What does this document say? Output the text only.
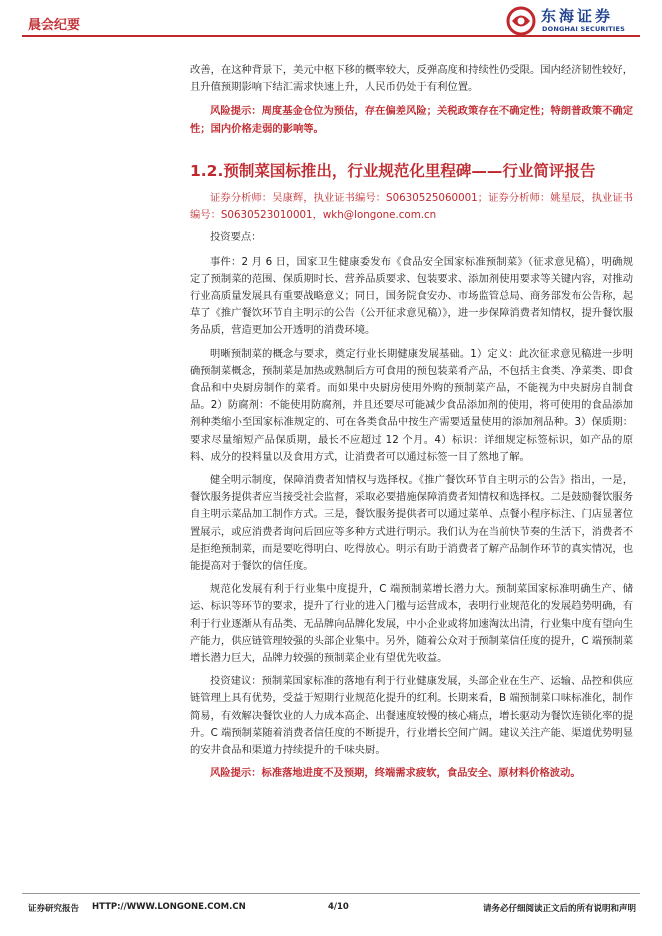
晨会纪要
东海证券
DONGHAI SECURITIES

改善，在这种背景下，美元中枢下移的概率较大，反弹高度和持续性仍受限。国内经济韧性较好，且升值预期影响下结汇需求快速上升，人民币仍处于有利位置。

风险提示：周度基金仓位为预估，存在偏差风险；关税政策存在不确定性；特朗普政策不确定性；国内价格走弱的影响等。

1.2.预制菜国标推出，行业规范化里程碑——行业简评报告

证券分析师：吴康辉，执业证书编号：S0630525060001；证券分析师：姚星辰，执业证书编号：S0630523010001，wkh@longone.com.cn

投资要点：

事件：2 月 6 日，国家卫生健康委发布《食品安全国家标准预制菜》（征求意见稿），明确规定了预制菜的范围、保质期时长、营养品质要求、包装要求、添加剂使用要求等关键内容，对推动行业高质量发展具有重要战略意义；同日，国务院食安办、市场监管总局、商务部发布公告称，起草了《推广餐饮环节自主明示的公告（公开征求意见稿）》，进一步保障消费者知情权，提升餐饮服务品质，营造更加公开透明的消费环境。

明晰预制菜的概念与要求，奠定行业长期健康发展基础。1）定义：此次征求意见稿进一步明确预制菜概念，预制菜是加热或熟制后方可食用的预包装菜肴产品，不包括主食类、净菜类、即食食品和中央厨房制作的菜肴。而如果中央厨房使用外购的预制菜产品，不能视为中央厨房自制食品。2）防腐剂：不能使用防腐剂，并且还要尽可能减少食品添加剂的使用，将可使用的食品添加剂种类缩小至国家标准规定的、可在各类食品中按生产需要适量使用的添加剂品种。3）保质期：要求尽量缩短产品保质期，最长不应超过 12 个月。4）标识：详细规定标签标识，如产品的原料、成分的投料量以及食用方式，让消费者可以通过标签一目了然地了解。

健全明示制度，保障消费者知情权与选择权。《推广餐饮环节自主明示的公告》指出，一是，餐饮服务提供者应当接受社会监督，采取必要措施保障消费者知情权和选择权。二是鼓励餐饮服务自主明示菜品加工制作方式。三是，餐饮服务提供者可以通过菜单、点餐小程序标注、门店显著位置展示，或应消费者询问后回应等多种方式进行明示。我们认为在当前快节奏的生活下，消费者不是拒绝预制菜，而是要吃得明白、吃得放心。明示有助于消费者了解产品制作环节的真实情况，也能提高对于餐饮的信任度。

规范化发展有利于行业集中度提升，C 端预制菜增长潜力大。预制菜国家标准明确生产、储运、标识等环节的要求，提升了行业的进入门槛与运营成本，表明行业规范化的发展趋势明确，有利于行业逐渐从有品类、无品牌向品牌化发展，中小企业或将加速淘汰出清，行业集中度有望向生产能力，供应链管理较强的头部企业集中。另外，随着公众对于预制菜信任度的提升，C 端预制菜增长潜力巨大，品牌力较强的预制菜企业有望优先收益。

投资建议：预制菜国家标准的落地有利于行业健康发展，头部企业在生产、运输、品控和供应链管理上具有优势，受益于短期行业规范化提升的红利。长期来看，B 端预制菜口味标准化，制作简易，有效解决餐饮业的人力成本高企、出餐速度较慢的核心痛点，增长驱动为餐饮连锁化率的提升。C 端预制菜随着消费者信任度的不断提升，行业增长空间广阔。建议关注产能、渠道优势明显的安井食品和渠道力持续提升的千味央厨。

风险提示：标准落地进度不及预期，终端需求疲软，食品安全、原材料价格波动。

证券研究报告 HTTP://WWW.LONGONE.COM.CN	4/10	请务必仔细阅读正文后的所有说明和声明
